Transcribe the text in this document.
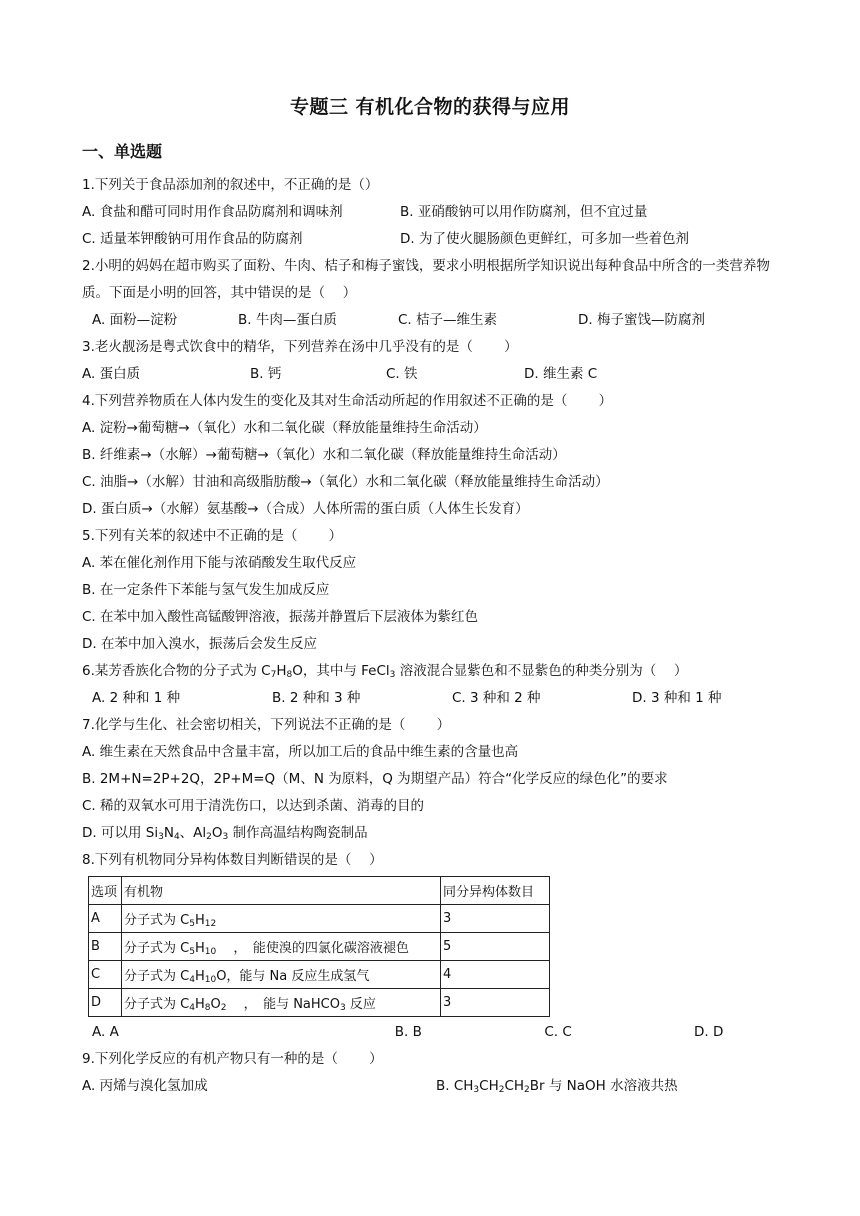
专题三 有机化合物的获得与应用
一、单选题
1.下列关于食品添加剂的叙述中，不正确的是（）
A. 食盐和醋可同时用作食品防腐剂和调味剂	B. 亚硝酸钠可以用作防腐剂，但不宜过量
C. 适量苯钾酸钠可用作食品的防腐剂	D. 为了使火腿肠颜色更鲜红，可多加一些着色剂
2.小明的妈妈在超市购买了面粉、牛肉、桔子和梅子蜜饯，要求小明根据所学知识说出每种食品中所含的一类营养物质。下面是小明的回答，其中错误的是（　 ）
A. 面粉—淀粉	B. 牛肉—蛋白质	C. 桔子—维生素	D. 梅子蜜饯—防腐剂
3.老火靓汤是粤式饮食中的精华，下列营养在汤中几乎没有的是（　　 ）
A. 蛋白质	B. 钙	C. 铁	D. 维生素 C
4.下列营养物质在人体内发生的变化及其对生命活动所起的作用叙述不正确的是（　　 ）
A. 淀粉→葡萄糖→（氧化）水和二氧化碳（释放能量维持生命活动）
B. 纤维素→（水解）→葡萄糖→（氧化）水和二氧化碳（释放能量维持生命活动）
C. 油脂→（水解）甘油和高级脂肪酸→（氧化）水和二氧化碳（释放能量维持生命活动）
D. 蛋白质→（水解）氨基酸→（合成）人体所需的蛋白质（人体生长发育）
5.下列有关苯的叙述中不正确的是（　　 ）
A. 苯在催化剂作用下能与浓硝酸发生取代反应
B. 在一定条件下苯能与氢气发生加成反应
C. 在苯中加入酸性高锰酸钾溶液，振荡并静置后下层液体为紫红色
D. 在苯中加入溴水，振荡后会发生反应
6.某芳香族化合物的分子式为 $C_7H_8O$，其中与 FeCl$_3$ 溶液混合显紫色和不显紫色的种类分别为（　 ）
A. 2 种和 1 种	B. 2 种和 3 种	C. 3 种和 2 种	D. 3 种和 1 种
7.化学与生化、社会密切相关，下列说法不正确的是（　　 ）
A. 维生素在天然食品中含量丰富，所以加工后的食品中维生素的含量也高
B. 2M+N=2P+2Q，2P+M=Q（M、N 为原料，Q 为期望产品）符合“化学反应的绿色化”的要求
C. 稀的双氧水可用于清洗伤口，以达到杀菌、消毒的目的
D. 可以用 $Si_3N_4$、$Al_2O_3$ 制作高温结构陶瓷制品
8.下列有机物同分异构体数目判断错误的是（　 ）
选项	有机物	同分异构体数目
A	分子式为 $C_5H_{12}$	3
B	分子式为 $C_5H_{10}$　 ，　能使溴的四氯化碳溶液褪色	5
C	分子式为 $C_4H_{10}O$，能与 Na 反应生成氢气	4
D	分子式为 $C_4H_8O_2$　 ，　能与 NaHCO$_3$ 反应	3
A. A	B. B	C. C	D. D
9.下列化学反应的有机产物只有一种的是（　　 ）
A. 丙烯与溴化氢加成	B. $CH_3CH_2CH_2Br$ 与 NaOH 水溶液共热
